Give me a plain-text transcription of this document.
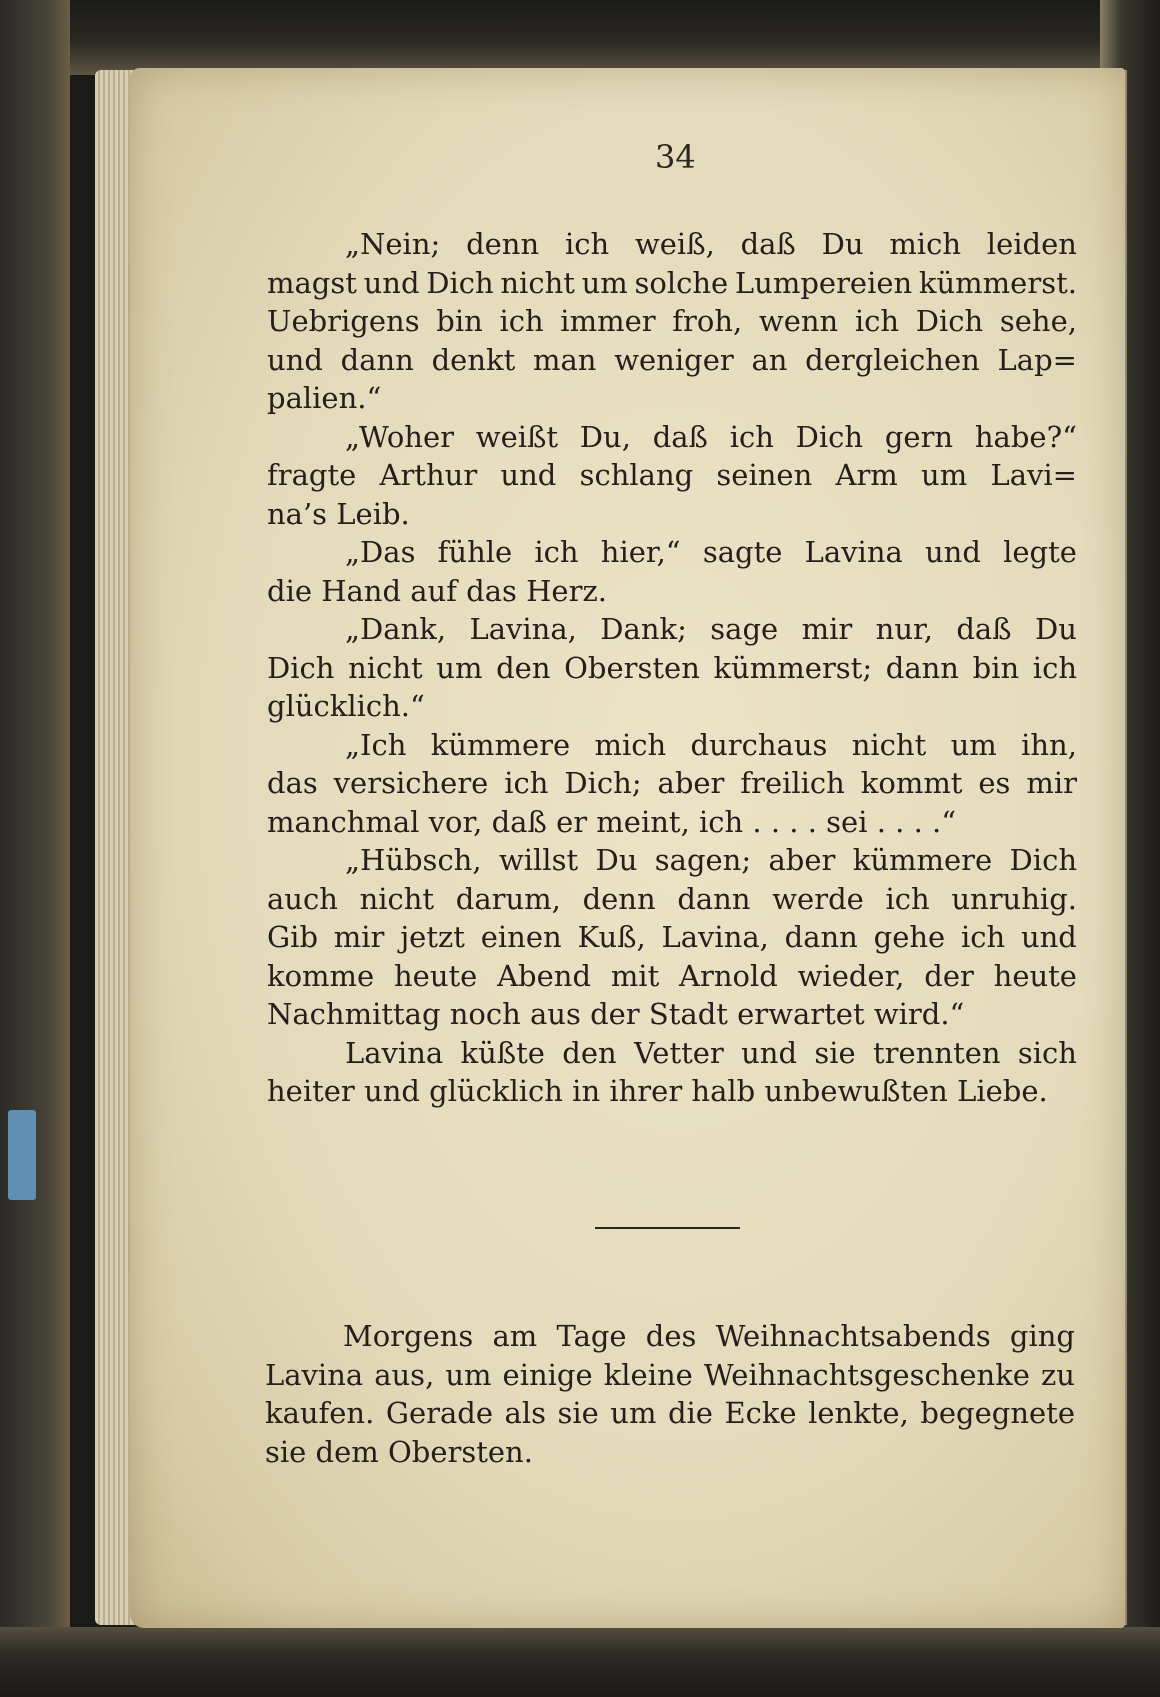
34
„Nein; denn ich weiß, daß Du mich leiden
magst und Dich nicht um solche Lumpereien kümmerst.
Uebrigens bin ich immer froh, wenn ich Dich sehe,
und dann denkt man weniger an dergleichen Lap=
palien.“
„Woher weißt Du, daß ich Dich gern habe?“
fragte Arthur und schlang seinen Arm um Lavi=
na’s Leib.
„Das fühle ich hier,“ sagte Lavina und legte
die Hand auf das Herz.
„Dank, Lavina, Dank; sage mir nur, daß Du
Dich nicht um den Obersten kümmerst; dann bin ich
glücklich.“
„Ich kümmere mich durchaus nicht um ihn,
das versichere ich Dich; aber freilich kommt es mir
manchmal vor, daß er meint, ich . . . . sei . . . .“
„Hübsch, willst Du sagen; aber kümmere Dich
auch nicht darum, denn dann werde ich unruhig.
Gib mir jetzt einen Kuß, Lavina, dann gehe ich und
komme heute Abend mit Arnold wieder, der heute
Nachmittag noch aus der Stadt erwartet wird.“
Lavina küßte den Vetter und sie trennten sich
heiter und glücklich in ihrer halb unbewußten Liebe.
Morgens am Tage des Weihnachtsabends ging
Lavina aus, um einige kleine Weihnachtsgeschenke zu
kaufen. Gerade als sie um die Ecke lenkte, begegnete
sie dem Obersten.
